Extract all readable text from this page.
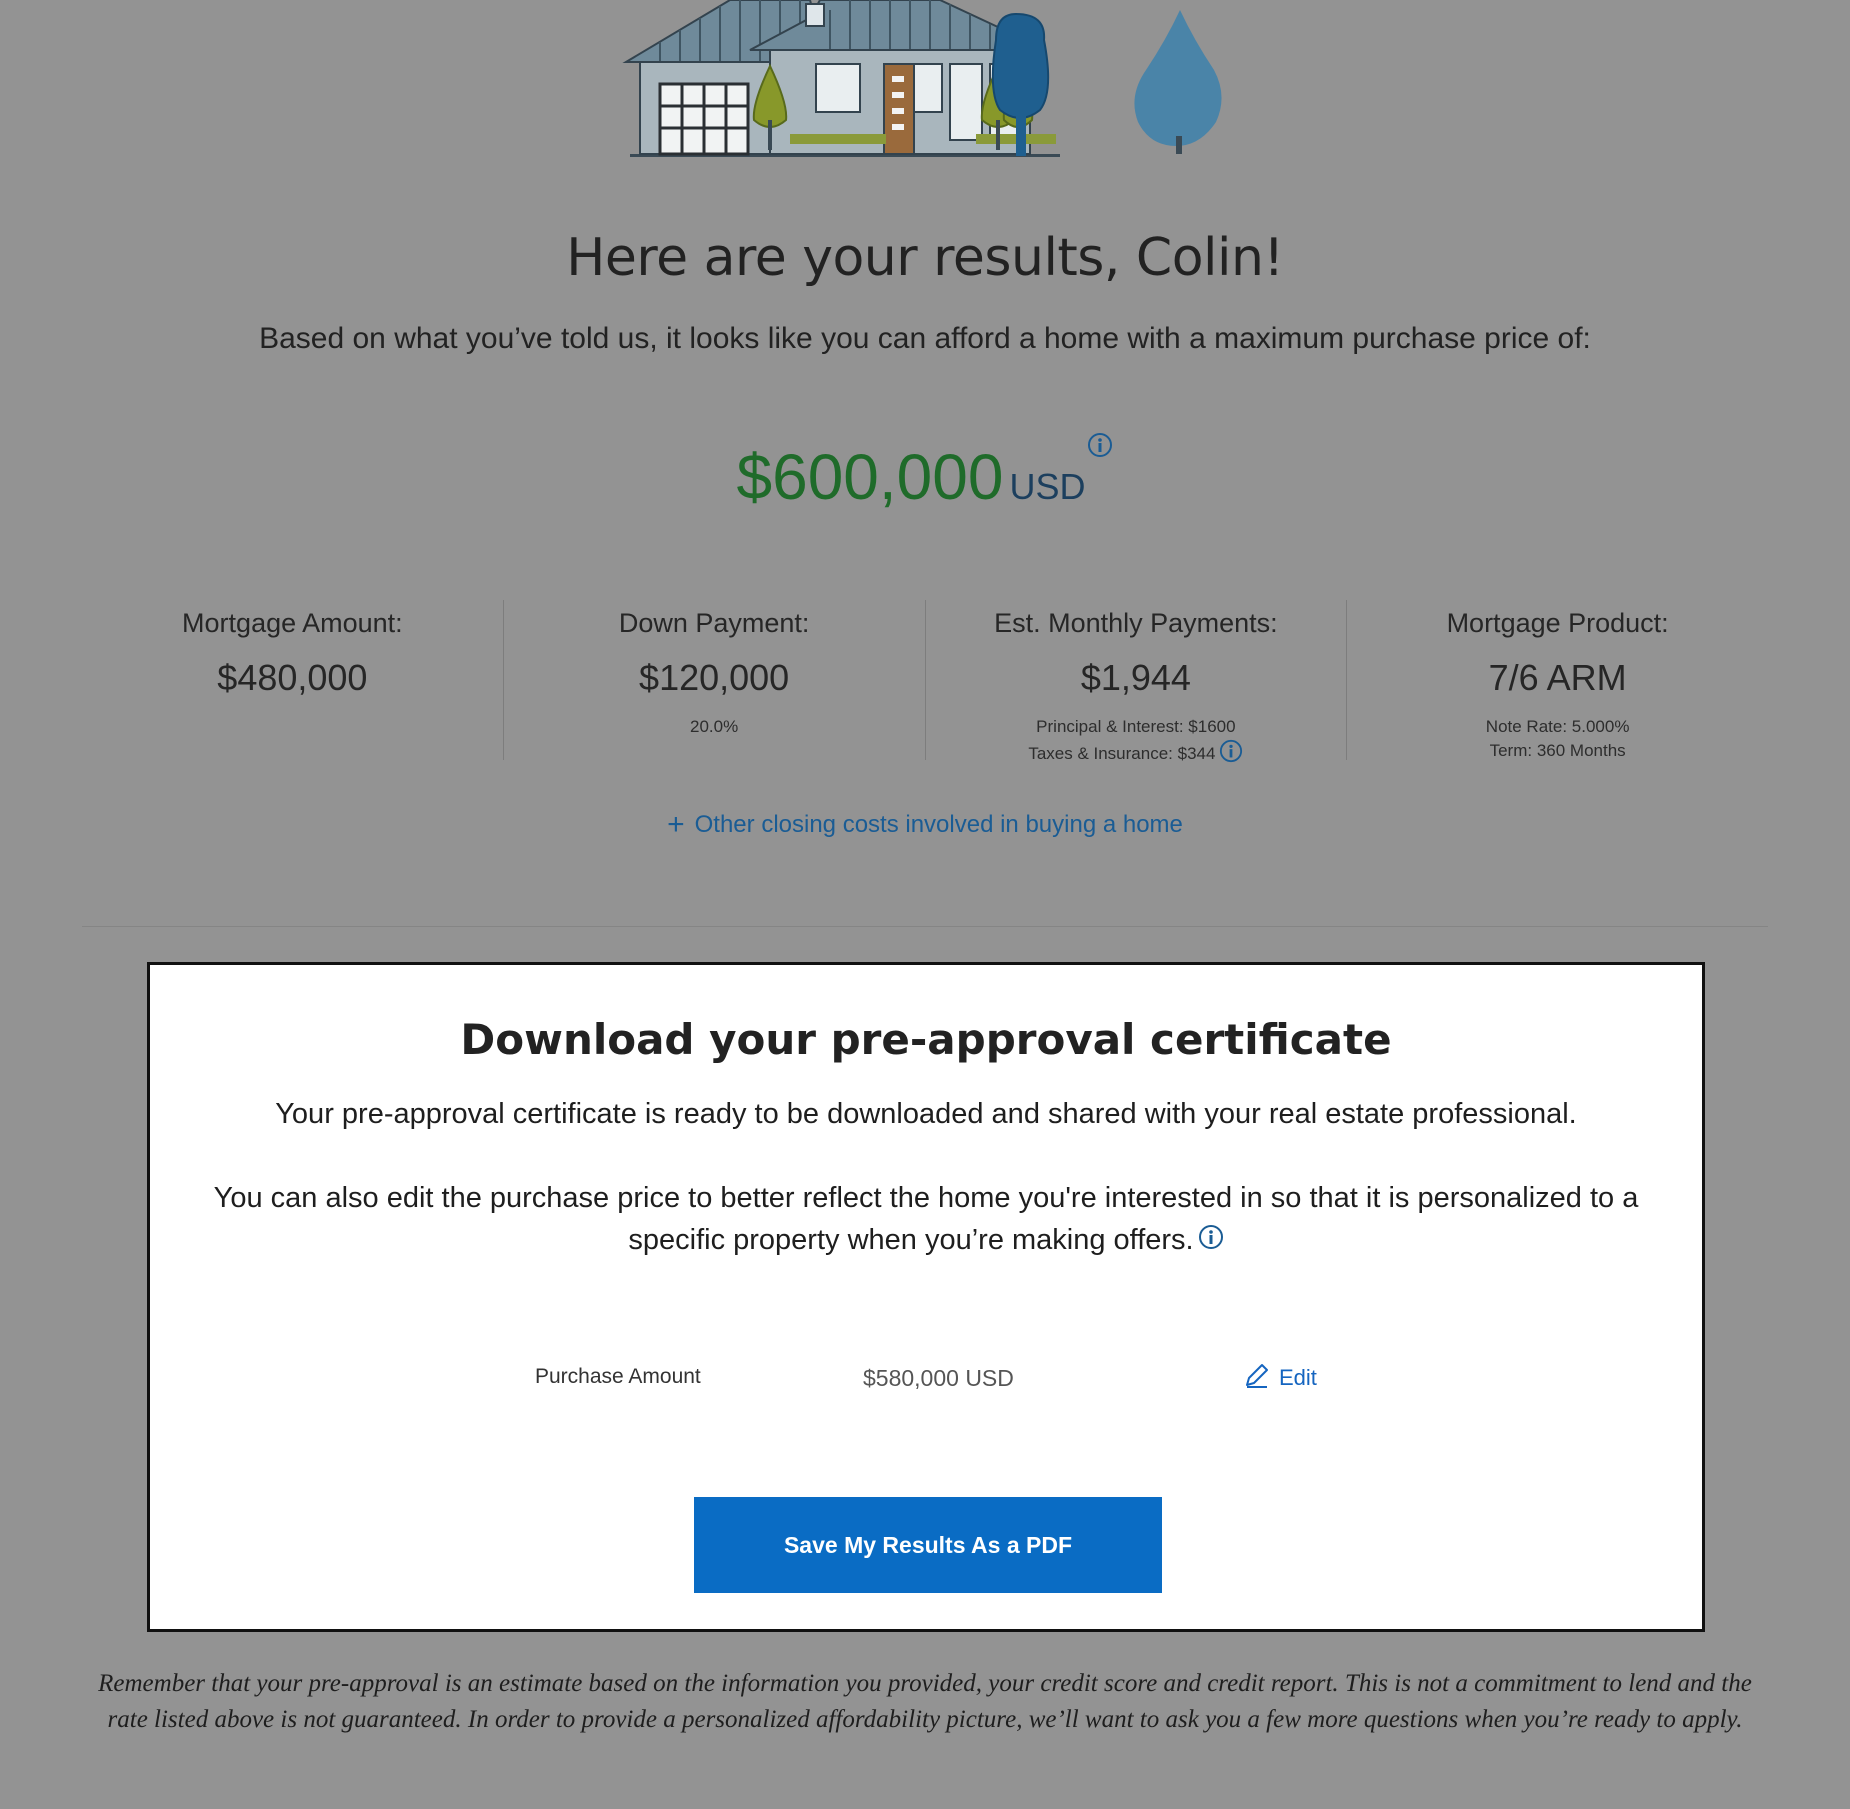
Here are your results, Colin!

Based on what you’ve told us, it looks like you can afford a home with a maximum purchase price of:

$600,000 USD
Mortgage Amount:
$480,000
Down Payment:
$120,000
20.0%
Est. Monthly Payments:
$1,944
Principal & Interest: $1600
Taxes & Insurance: $344
Mortgage Product:
7/6 ARM
Note Rate: 5.000%
Term: 360 Months
+ Other closing costs involved in buying a home
Download your pre-approval certificate

Your pre-approval certificate is ready to be downloaded and shared with your real estate professional.

You can also edit the purchase price to better reflect the home you're interested in so that it is personalized to a specific property when you’re making offers.

Purchase Amount	$580,000 USD	Edit
Save My Results As a PDF

Remember that your pre-approval is an estimate based on the information you provided, your credit score and credit report. This is not a commitment to lend and the rate listed above is not guaranteed. In order to provide a personalized affordability picture, we’ll want to ask you a few more questions when you’re ready to apply.
